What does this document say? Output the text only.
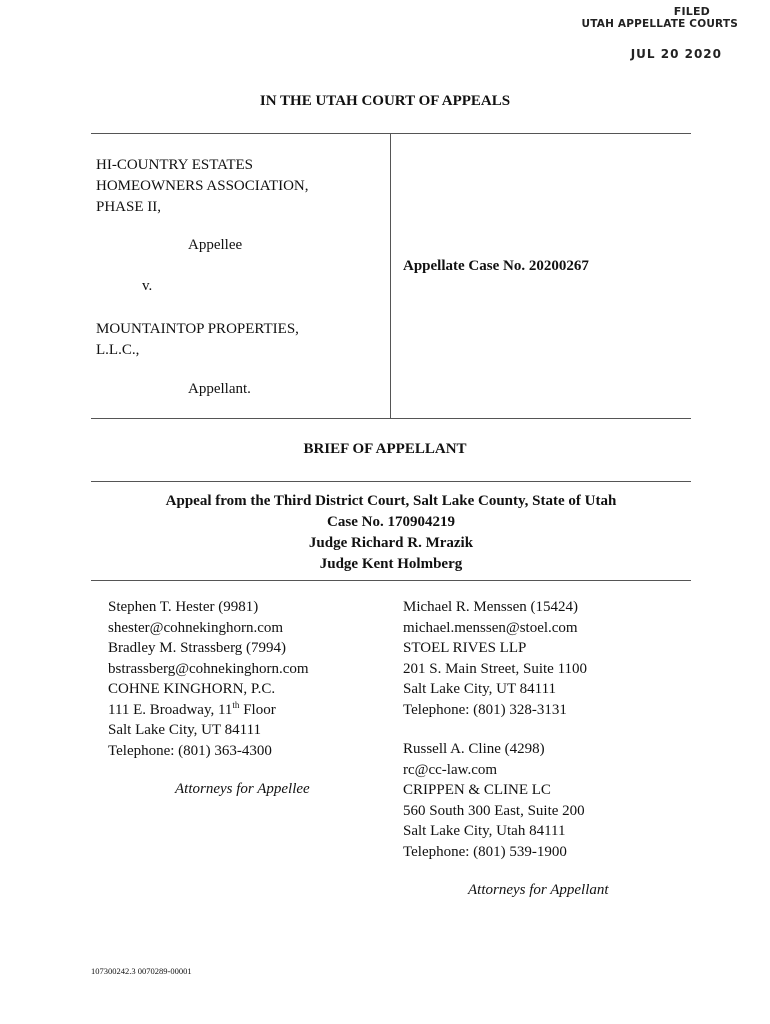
FILED
UTAH APPELLATE COURTS
JUL 20 2020
IN THE UTAH COURT OF APPEALS
HI-COUNTRY ESTATES
HOMEOWNERS ASSOCIATION,
PHASE II,
Appellee
v.
MOUNTAINTOP PROPERTIES,
L.L.C.,
Appellant.
Appellate Case No. 20200267
BRIEF OF APPELLANT
Appeal from the Third District Court, Salt Lake County, State of Utah
Case No. 170904219
Judge Richard R. Mrazik
Judge Kent Holmberg
Stephen T. Hester (9981)
shester@cohnekinghorn.com
Bradley M. Strassberg (7994)
bstrassberg@cohnekinghorn.com
COHNE KINGHORN, P.C.
111 E. Broadway, 11th Floor
Salt Lake City, UT 84111
Telephone: (801) 363-4300
Attorneys for Appellee
Michael R. Menssen (15424)
michael.menssen@stoel.com
STOEL RIVES LLP
201 S. Main Street, Suite 1100
Salt Lake City, UT 84111
Telephone: (801) 328-3131
Russell A. Cline (4298)
rc@cc-law.com
CRIPPEN & CLINE LC
560 South 300 East, Suite 200
Salt Lake City, Utah 84111
Telephone: (801) 539-1900
Attorneys for Appellant
107300242.3 0070289-00001
